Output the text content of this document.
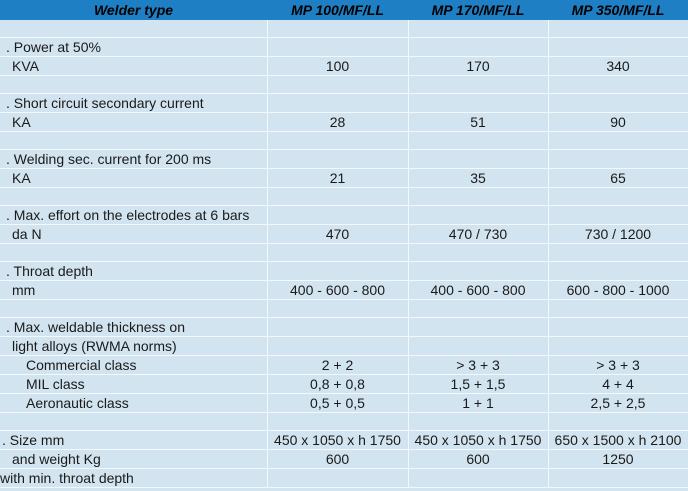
Welder type	MP 100/MF/LL	MP 170/MF/LL	MP 350/MF/LL

. Power at 50%			
KVA	100	170	340

. Short circuit secondary current			
KA	28	51	90

. Welding sec. current for 200 ms			
KA	21	35	65

. Max. effort on the electrodes at 6 bars			
da N	470	470 / 730	730 / 1200

. Throat depth			
mm	400 - 600 - 800	400 - 600 - 800	600 - 800 - 1000

. Max. weldable thickness on			
light alloys (RWMA norms)			
Commercial class	2 + 2	> 3 + 3	> 3 + 3
MIL class	0,8 + 0,8	1,5 + 1,5	4 + 4
Aeronautic class	0,5 + 0,5	1 + 1	2,5 + 2,5

. Size mm	450 x 1050 x h 1750	450 x 1050 x h 1750	650 x 1500 x h 2100
and weight Kg	600	600	1250
with min. throat depth			
